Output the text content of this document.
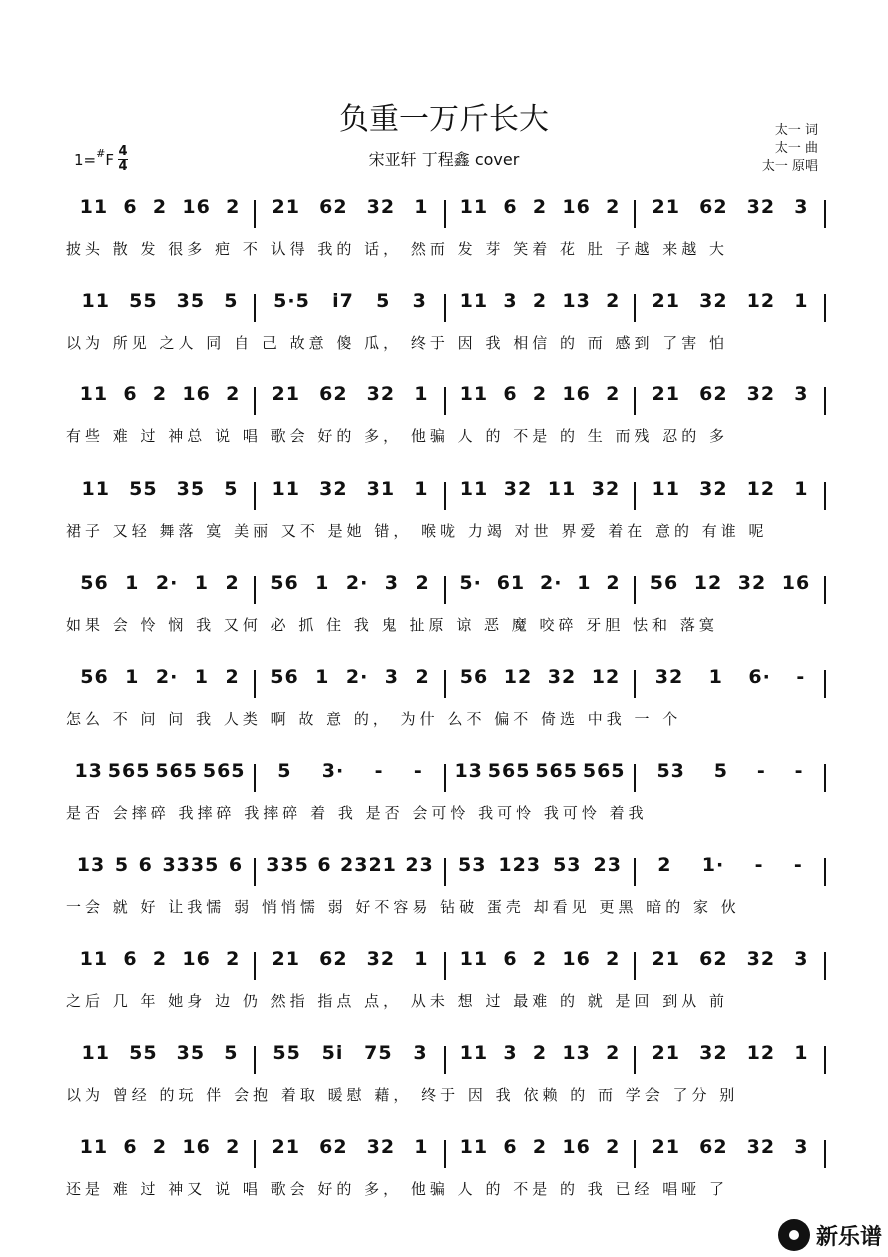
负重一万斤长大
宋亚轩 丁程鑫 cover
太一 词
太一 曲
太一 原唱
1= # F $\frac{4}{4}$
11 6 2 16 2 21 62 32 1 11 6 2 16 2 21 62 32 3
披头 散 发 很多 疤 不 认得 我的 话， 然而 发 芽 笑着 花 肚 子越 来越 大
11 55 35 5 5·5 i7 5 3 11 3 2 13 2 21 32 12 1
以为 所见 之人 同 自 己 故意 傻 瓜， 终于 因 我 相信 的 而 感到 了害 怕
11 6 2 16 2 21 62 32 1 11 6 2 16 2 21 62 32 3
有些 难 过 神总 说 唱 歌会 好的 多， 他骗 人 的 不是 的 生 而残 忍的 多
11 55 35 5 11 32 31 1 11 32 11 32 11 32 12 1
裙子 又轻 舞落 寞 美丽 又不 是她 错， 喉咙 力竭 对世 界爱 着在 意的 有谁 呢
56 1 2· 1 2 56 1 2· 3 2 5· 61 2· 1 2 56 12 32 16
如果 会 怜 悯 我 又何 必 抓 住 我 鬼 扯原 谅 恶 魔 咬碎 牙胆 怯和 落寞
56 1 2· 1 2 56 1 2· 3 2 56 12 32 12 32 1 6· -
怎么 不 问 问 我 人类 啊 故 意 的， 为什 么不 偏不 倚选 中我 一 个
13 565 565 565 5 3· - - 13 565 565 565 53 5 - -
是否 会摔碎 我摔碎 我摔碎 着 我 是否 会可怜 我可怜 我可怜 着我
13 5 6 3335 6 335 6 2321 23 53 123 53 23 2 1· - -
一会 就 好 让我懦 弱 悄悄懦 弱 好不容易 钻破 蛋壳 却看见 更黑 暗的 家 伙
11 6 2 16 2 21 62 32 1 11 6 2 16 2 21 62 32 3
之后 几 年 她身 边 仍 然指 指点 点， 从未 想 过 最难 的 就 是回 到从 前
11 55 35 5 55 5i 75 3 11 3 2 13 2 21 32 12 1
以为 曾经 的玩 伴 会抱 着取 暖慰 藉， 终于 因 我 依赖 的 而 学会 了分 别
11 6 2 16 2 21 62 32 1 11 6 2 16 2 21 62 32 3
还是 难 过 神又 说 唱 歌会 好的 多， 他骗 人 的 不是 的 我 已经 唱哑 了
新乐谱
